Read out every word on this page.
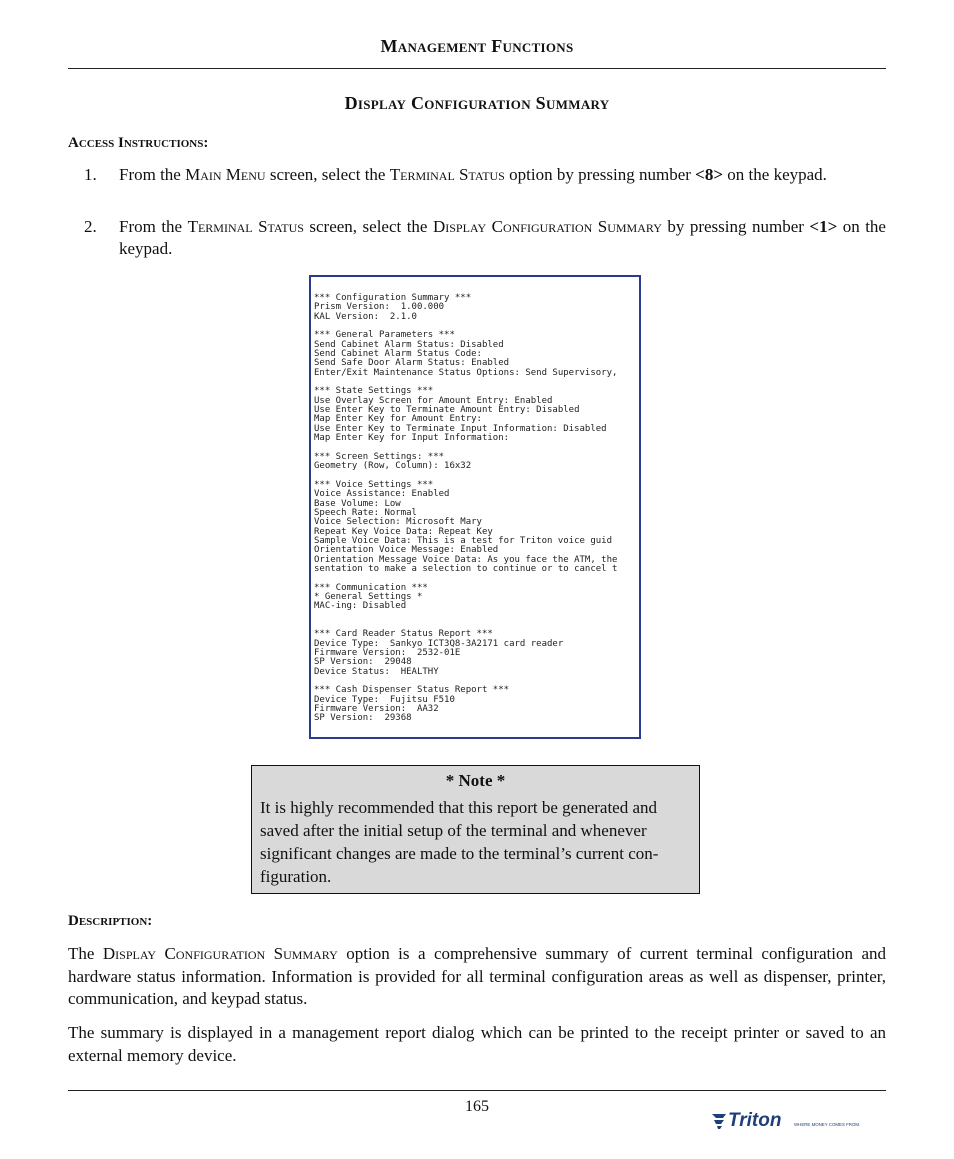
Management Functions
Display Configuration Summary
Access Instructions:
1. From the Main Menu screen, select the Terminal Status option by pressing number <8> on the keypad.
2. From the Terminal Status screen, select the Display Configuration Summary by pressing number <1> on the keypad.
*** Configuration Summary ***
Prism Version:  1.00.000
KAL Version:  2.1.0

*** General Parameters ***
Send Cabinet Alarm Status: Disabled
Send Cabinet Alarm Status Code:
Send Safe Door Alarm Status: Enabled
Enter/Exit Maintenance Status Options: Send Supervisory,

*** State Settings ***
Use Overlay Screen for Amount Entry: Enabled
Use Enter Key to Terminate Amount Entry: Disabled
Map Enter Key for Amount Entry:
Use Enter Key to Terminate Input Information: Disabled
Map Enter Key for Input Information:

*** Screen Settings: ***
Geometry (Row, Column): 16x32

*** Voice Settings ***
Voice Assistance: Enabled
Base Volume: Low
Speech Rate: Normal
Voice Selection: Microsoft Mary
Repeat Key Voice Data: Repeat Key
Sample Voice Data: This is a test for Triton voice guid
Orientation Voice Message: Enabled
Orientation Message Voice Data: As you face the ATM, the
sentation to make a selection to continue or to cancel t

*** Communication ***
* General Settings *
MAC-ing: Disabled

*** Card Reader Status Report ***
Device Type:  Sankyo ICT3Q8-3A2171 card reader
Firmware Version:  2532-01E
SP Version:  29048
Device Status:  HEALTHY

*** Cash Dispenser Status Report ***
Device Type:  Fujitsu F510
Firmware Version:  AA32
SP Version:  29368
* Note *
It is highly recommended that this report be generated and saved after the initial setup of the terminal and whenever significant changes are made to the terminal’s current con-figuration.
Description:
The Display Configuration Summary option is a comprehensive summary of current terminal configuration and hardware status information. Information is provided for all terminal configuration areas as well as dispenser, printer, communication, and keypad status.
The summary is displayed in a management report dialog which can be printed to the receipt printer or saved to an external memory device.
165
Triton	WHERE MONEY COMES FROM.
